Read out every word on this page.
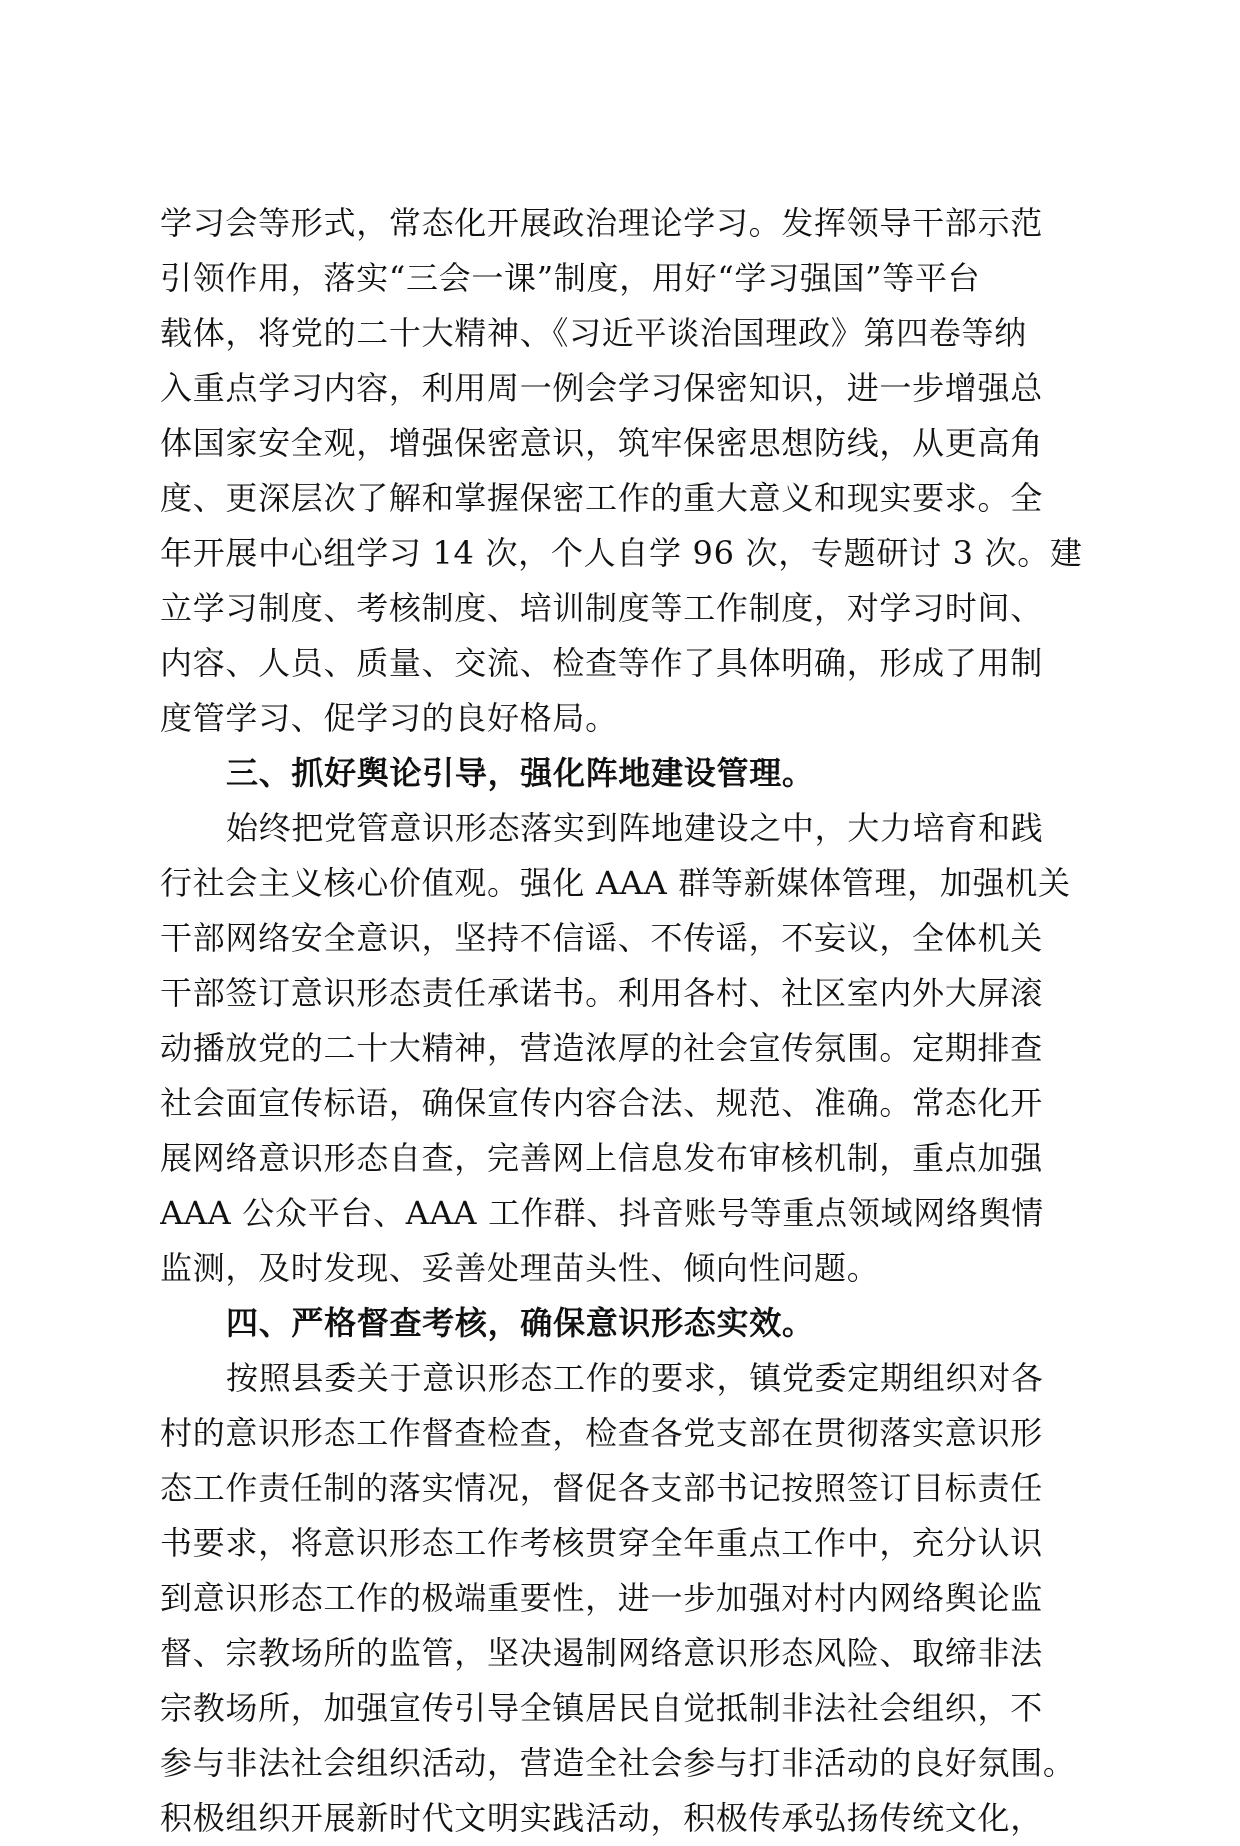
学习会等形式，常态化开展政治理论学习。发挥领导干部示范
引领作用，落实“三会一课”制度，用好“学习强国”等平台
载体，将党的二十大精神、《习近平谈治国理政》第四卷等纳
入重点学习内容，利用周一例会学习保密知识，进一步增强总
体国家安全观，增强保密意识，筑牢保密思想防线，从更高角
度、更深层次了解和掌握保密工作的重大意义和现实要求。全
年开展中心组学习 14 次，个人自学 96 次，专题研讨 3 次。建
立学习制度、考核制度、培训制度等工作制度，对学习时间、
内容、人员、质量、交流、检查等作了具体明确，形成了用制
度管学习、促学习的良好格局。
三、抓好舆论引导，强化阵地建设管理。
始终把党管意识形态落实到阵地建设之中，大力培育和践
行社会主义核心价值观。强化 AAA 群等新媒体管理，加强机关
干部网络安全意识，坚持不信谣、不传谣，不妄议，全体机关
干部签订意识形态责任承诺书。利用各村、社区室内外大屏滚
动播放党的二十大精神，营造浓厚的社会宣传氛围。定期排查
社会面宣传标语，确保宣传内容合法、规范、准确。常态化开
展网络意识形态自查，完善网上信息发布审核机制，重点加强
AAA 公众平台、AAA 工作群、抖音账号等重点领域网络舆情
监测，及时发现、妥善处理苗头性、倾向性问题。
四、严格督查考核，确保意识形态实效。
按照县委关于意识形态工作的要求，镇党委定期组织对各
村的意识形态工作督查检查，检查各党支部在贯彻落实意识形
态工作责任制的落实情况，督促各支部书记按照签订目标责任
书要求，将意识形态工作考核贯穿全年重点工作中，充分认识
到意识形态工作的极端重要性，进一步加强对村内网络舆论监
督、宗教场所的监管，坚决遏制网络意识形态风险、取缔非法
宗教场所，加强宣传引导全镇居民自觉抵制非法社会组织，不
参与非法社会组织活动，营造全社会参与打非活动的良好氛围。
积极组织开展新时代文明实践活动，积极传承弘扬传统文化，
